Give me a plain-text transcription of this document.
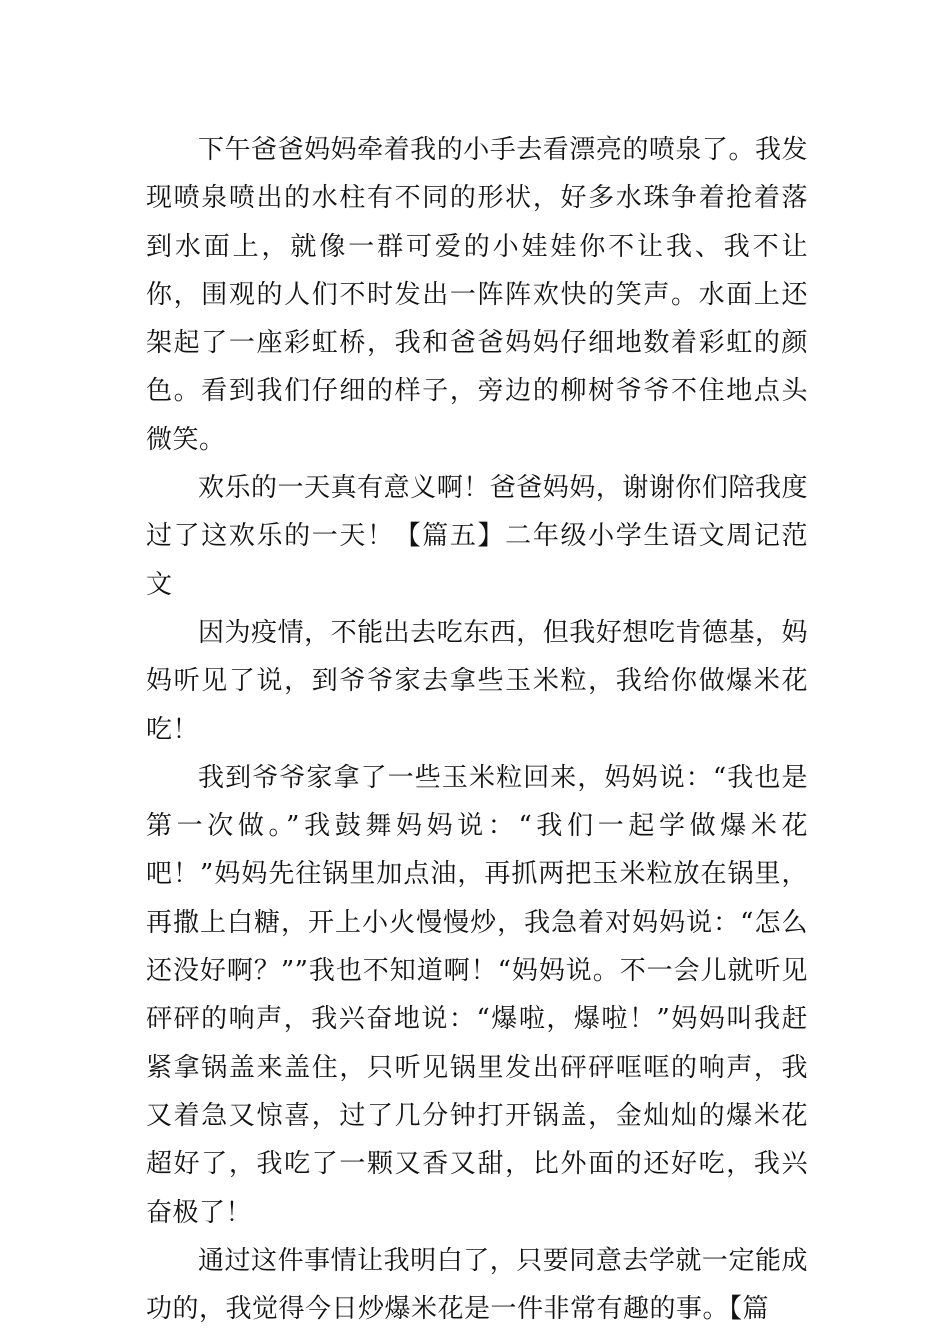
下午爸爸妈妈牵着我的小手去看漂亮的喷泉了。我发现喷泉喷出的水柱有不同的形状，好多水珠争着抢着落到水面上，就像一群可爱的小娃娃你不让我、我不让你，围观的人们不时发出一阵阵欢快的笑声。水面上还架起了一座彩虹桥，我和爸爸妈妈仔细地数着彩虹的颜色。看到我们仔细的样子，旁边的柳树爷爷不住地点头微笑。

欢乐的一天真有意义啊！爸爸妈妈，谢谢你们陪我度过了这欢乐的一天！【篇五】二年级小学生语文周记范文

因为疫情，不能出去吃东西，但我好想吃肯德基，妈妈听见了说，到爷爷家去拿些玉米粒，我给你做爆米花吃！

我到爷爷家拿了一些玉米粒回来，妈妈说：“我也是第一次做。”我鼓舞妈妈说：“我们一起学做爆米花吧！”妈妈先往锅里加点油，再抓两把玉米粒放在锅里，再撒上白糖，开上小火慢慢炒，我急着对妈妈说：“怎么还没好啊？””我也不知道啊！“妈妈说。不一会儿就听见砰砰的响声，我兴奋地说：“爆啦，爆啦！”妈妈叫我赶紧拿锅盖来盖住，只听见锅里发出砰砰哐哐的响声，我又着急又惊喜，过了几分钟打开锅盖，金灿灿的爆米花超好了，我吃了一颗又香又甜，比外面的还好吃，我兴奋极了！

通过这件事情让我明白了，只要同意去学就一定能成功的，我觉得今日炒爆米花是一件非常有趣的事。【篇
